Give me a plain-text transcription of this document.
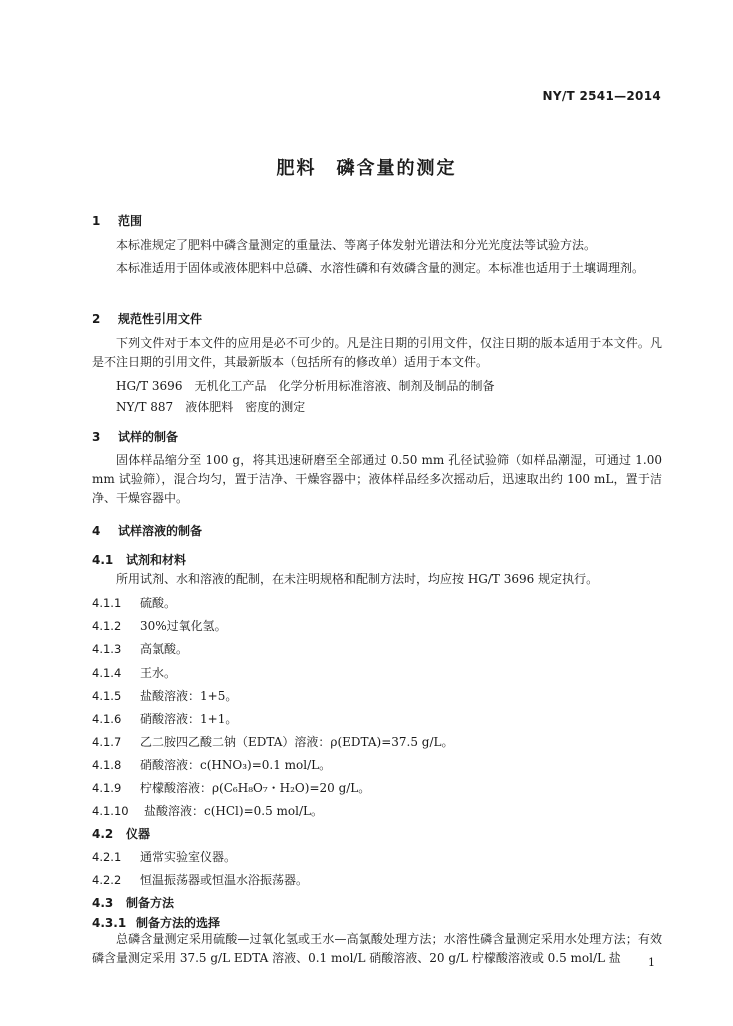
NY/T 2541—2014
肥料　磷含量的测定
1 范围
本标准规定了肥料中磷含量测定的重量法、等离子体发射光谱法和分光光度法等试验方法。
本标准适用于固体或液体肥料中总磷、水溶性磷和有效磷含量的测定。本标准也适用于土壤调理剂。
2 规范性引用文件
下列文件对于本文件的应用是必不可少的。凡是注日期的引用文件，仅注日期的版本适用于本文件。凡是不注日期的引用文件，其最新版本（包括所有的修改单）适用于本文件。
HG/T 3696 无机化工产品　化学分析用标准溶液、制剂及制品的制备
NY/T 887 液体肥料　密度的测定
3 试样的制备
固体样品缩分至 100 g，将其迅速研磨至全部通过 0.50 mm 孔径试验筛（如样品潮湿，可通过 1.00 mm 试验筛），混合均匀，置于洁净、干燥容器中；液体样品经多次摇动后，迅速取出约 100 mL，置于洁净、干燥容器中。
4 试样溶液的制备
4.1 试剂和材料
所用试剂、水和溶液的配制，在未注明规格和配制方法时，均应按 HG/T 3696 规定执行。
4.1.1 硫酸。
4.1.2 30%过氧化氢。
4.1.3 高氯酸。
4.1.4 王水。
4.1.5 盐酸溶液：1+5。
4.1.6 硝酸溶液：1+1。
4.1.7 乙二胺四乙酸二钠（EDTA）溶液：ρ(EDTA)=37.5 g/L。
4.1.8 硝酸溶液：c(HNO₃)=0.1 mol/L。
4.1.9 柠檬酸溶液：ρ(C₆H₈O₇・H₂O)=20 g/L。
4.1.10 盐酸溶液：c(HCl)=0.5 mol/L。
4.2 仪器
4.2.1 通常实验室仪器。
4.2.2 恒温振荡器或恒温水浴振荡器。
4.3 制备方法
4.3.1 制备方法的选择
总磷含量测定采用硫酸—过氧化氢或王水—高氯酸处理方法；水溶性磷含量测定采用水处理方法；有效磷含量测定采用 37.5 g/L EDTA 溶液、0.1 mol/L 硝酸溶液、20 g/L 柠檬酸溶液或 0.5 mol/L 盐	1
